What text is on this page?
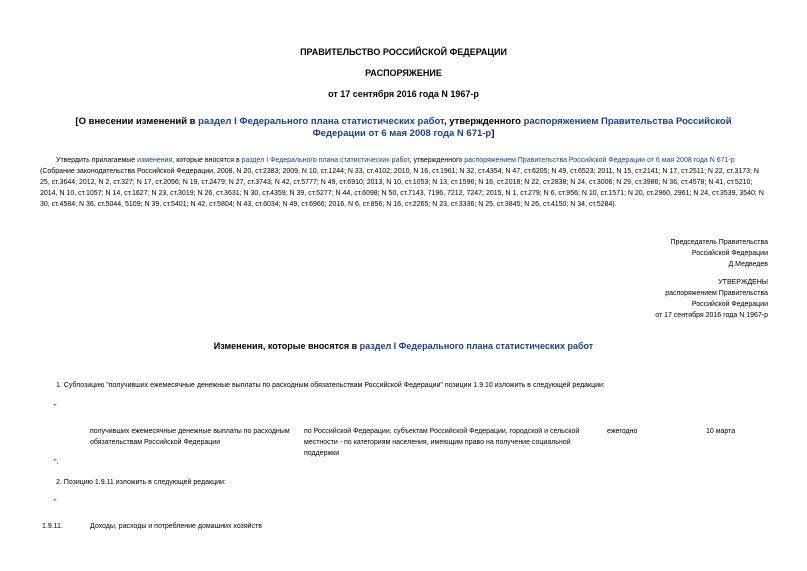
ПРАВИТЕЛЬСТВО РОССИЙСКОЙ ФЕДЕРАЦИИ
РАСПОРЯЖЕНИЕ
от 17 сентября 2016 года N 1967-р
[О внесении изменений в раздел I Федерального плана статистических работ, утвержденного распоряжением Правительства Российской Федерации от 6 мая 2008 года N 671-р]
Утвердить прилагаемые изменения, которые вносятся в раздел I Федерального плана статистических работ, утвержденного распоряжением Правительства Российской Федерации от 6 мая 2008 года N 671-р (Собрание законодательства Российской Федерации, 2008, N 20, ст.2383; 2009, N 10, ст.1244; N 33, ст.4102; 2010, N 16, ст.1961; N 32, ст.4354; N 47, ст.6205; N 49, ст.6523; 2011, N 15, ст.2141; N 17, ст.2511; N 22, ст.3173; N 25, ст.3644; 2012, N 2, ст.327; N 17, ст.2056; N 19, ст.2479; N 27, ст.3743; N 42, ст.5777; N 49, ст.6910; 2013, N 10, ст.1053; N 13, ст.1596; N 16, ст.2018; N 22, ст.2838; N 24, ст.3006; N 29, ст.3986; N 36, ст.4578; N 41, ст.5210; 2014, N 10, ст.1057; N 14, ст.1627; N 23, ст.3019; N 26, ст.3631; N 30, ст.4359; N 39, ст.5277; N 44, ст.6098; N 50, ст.7143, 7196, 7212, 7247; 2015, N 1, ст.279; N 6, ст.956; N 10, ст.1571; N 20, ст.2960, 2961; N 24, ст.3539, 3540; N 30, ст.4584; N 36, ст.5044, 5109; N 39, ст.5401; N 42, ст.5804; N 43, ст.6034; N 49, ст.6966; 2016, N 6, ст.856; N 16, ст.2265; N 23, ст.3336; N 25, ст.3845; N 26, ст.4150; N 34, ст.5284).
Председатель Правительства
Российской Федерации
Д.Медведев
УТВЕРЖДЕНЫ
распоряжением Правительства
Российской Федерации
от 17 сентября 2016 года N 1967-р
Изменения, которые вносятся в раздел I Федерального плана статистических работ
1. Субпозицию "получивших ежемесячные денежные выплаты по расходным обязательствам Российской Федерации" позиции 1.9.10 изложить в следующей редакции:
"
получивших ежемесячные денежные выплаты по расходным обязательствам Российской Федерации
по Российской Федерации, субъектам Российской Федерации, городской и сельской местности - по категориям населения, имеющим право на получение социальной поддержки
ежегодно	10 марта
".
2. Позицию 1.9.11 изложить в следующей редакции:
"
1.9.11.	Доходы, расходы и потребление домашних хозяйств
